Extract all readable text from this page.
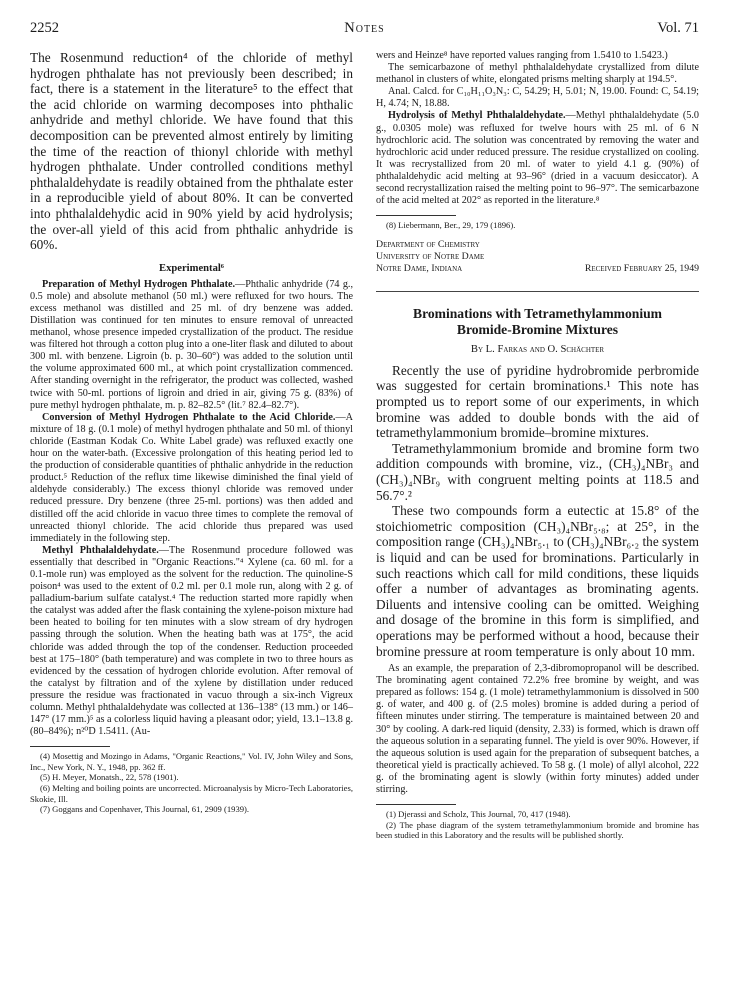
2252	Notes	Vol. 71

The Rosenmund reduction⁴ of the chloride of methyl hydrogen phthalate has not previously been described; in fact, there is a statement in the literature⁵ to the effect that the acid chloride on warming decomposes into phthalic anhydride and methyl chloride. We have found that this decomposition can be prevented almost entirely by limiting the time of the reaction of thionyl chloride with methyl hydrogen phthalate. Under controlled conditions methyl phthalaldehydate is readily obtained from the phthalate ester in a reproducible yield of about 80%. It can be converted into phthalaldehydic acid in 90% yield by acid hydrolysis; the over-all yield of this acid from phthalic anhydride is 60%.

Experimental⁶

Preparation of Methyl Hydrogen Phthalate.—Phthalic anhydride (74 g., 0.5 mole) and absolute methanol (50 ml.) were refluxed for two hours. The excess methanol was distilled and 25 ml. of dry benzene was added. Distillation was continued for ten minutes to ensure removal of unreacted methanol, whose presence impeded crystallization of the product. The residue was filtered hot through a cotton plug into a one-liter flask and diluted to about 300 ml. with benzene. Ligroin (b. p. 30–60°) was added to the solution until the volume approximated 600 ml., at which point crystallization commenced. After standing overnight in the refrigerator, the product was collected, washed twice with 50-ml. portions of ligroin and dried in air, giving 75 g. (83%) of pure methyl hydrogen phthalate, m. p. 82–82.5° (lit.⁷ 82.4–82.7°).

Conversion of Methyl Hydrogen Phthalate to the Acid Chloride.—A mixture of 18 g. (0.1 mole) of methyl hydrogen phthalate and 50 ml. of thionyl chloride (Eastman Kodak Co. White Label grade) was refluxed exactly one hour on the water-bath. (Excessive prolongation of this heating period led to the production of considerable quantities of phthalic anhydride in the reduction product.⁵ Reduction of the reflux time likewise diminished the final yield of aldehyde considerably.) The excess thionyl chloride was removed under reduced pressure. Dry benzene (three 25-ml. portions) was then added and distilled off the acid chloride in vacuo three times to complete the removal of unreacted thionyl chloride. The acid chloride thus prepared was used immediately in the following step.

Methyl Phthalaldehydate.—The Rosenmund procedure followed was essentially that described in "Organic Reactions."⁴ Xylene (ca. 60 ml. for a 0.1-mole run) was employed as the solvent for the reduction. The quinoline-S poison⁴ was used to the extent of 0.2 ml. per 0.1 mole run, along with 2 g. of palladium-barium sulfate catalyst.⁴ The reduction started more rapidly when the catalyst was added after the flask containing the xylene-poison mixture had been heated to boiling for ten minutes with a slow stream of dry hydrogen passing through the solution. When the heating bath was at 175°, the acid chloride was added through the top of the condenser. Reduction proceeded best at 175–180° (bath temperature) and was complete in two to three hours as evidenced by the cessation of hydrogen chloride evolution. After removal of the catalyst by filtration and of the xylene by distillation under reduced pressure the residue was fractionated in vacuo through a six-inch Vigreux column. Methyl phthalaldehydate was collected at 136–138° (13 mm.) or 146–147° (17 mm.)⁵ as a colorless liquid having a pleasant odor; yield, 13.1–13.8 g. (80–84%); n²⁰D 1.5411. (Au-

(4) Mosettig and Mozingo in Adams, "Organic Reactions," Vol. IV, John Wiley and Sons, Inc., New York, N. Y., 1948, pp. 362 ff.

(5) H. Meyer, Monatsh., 22, 578 (1901).

(6) Melting and boiling points are uncorrected. Microanalysis by Micro-Tech Laboratories, Skokie, Ill.

(7) Goggans and Copenhaver, This Journal, 61, 2909 (1939).

wers and Heinze⁸ have reported values ranging from 1.5410 to 1.5423.)

The semicarbazone of methyl phthalaldehydate crystallized from dilute methanol in clusters of white, elongated prisms melting sharply at 194.5°.

Anal. Calcd. for C₁₀H₁₁O₃N₃: C, 54.29; H, 5.01; N, 19.00. Found: C, 54.19; H, 4.74; N, 18.88.

Hydrolysis of Methyl Phthalaldehydate.—Methyl phthalaldehydate (5.0 g., 0.0305 mole) was refluxed for twelve hours with 25 ml. of 6 N hydrochloric acid. The solution was concentrated by removing the water and hydrochloric acid under reduced pressure. The residue crystallized on cooling. It was recrystallized from 20 ml. of water to yield 4.1 g. (90%) of phthalaldehydic acid melting at 93–96° (dried in a vacuum desiccator). A second recrystallization raised the melting point to 96–97°. The semicarbazone of the acid melted at 202° as reported in the literature.⁸

(8) Liebermann, Ber., 29, 179 (1896).

Department of Chemistry
University of Notre Dame
Notre Dame, Indiana	Received February 25, 1949
Brominations with Tetramethylammonium Bromide-Bromine Mixtures
By L. Farkas and O. Schächter

Recently the use of pyridine hydrobromide perbromide was suggested for certain brominations.¹ This note has prompted us to report some of our experiments, in which bromine was added to double bonds with the aid of tetramethylammonium bromide–bromine mixtures.

Tetramethylammonium bromide and bromine form two addition compounds with bromine, viz., (CH₃)₄NBr₃ and (CH₃)₄NBr₉ with congruent melting points at 118.5 and 56.7°.²

These two compounds form a eutectic at 15.8° of the stoichiometric composition (CH₃)₄NBr₅.₈; at 25°, in the composition range (CH₃)₄NBr₅.₁ to (CH₃)₄NBr₆.₂ the system is liquid and can be used for brominations. Particularly in such reactions which call for mild conditions, these liquids offer a number of advantages as brominating agents. Diluents and intensive cooling can be omitted. Weighing and dosage of the bromine in this form is simplified, and operations may be performed without a hood, because their bromine pressure at room temperature is only about 10 mm.

As an example, the preparation of 2,3-dibromopropanol will be described. The brominating agent contained 72.2% free bromine by weight, and was prepared as follows: 154 g. (1 mole) tetramethylammonium is dissolved in 500 g. of water, and 400 g. of (2.5 moles) bromine is added during a period of fifteen minutes under stirring. The temperature is maintained between 20 and 30° by cooling. A dark-red liquid (density, 2.33) is formed, which is drawn off the aqueous solution in a separating funnel. The yield is over 90%. However, if the aqueous solution is used again for the preparation of subsequent batches, a theoretical yield is practically achieved. To 58 g. (1 mole) of allyl alcohol, 222 g. of the brominating agent is slowly (within forty minutes) added under stirring.

(1) Djerassi and Scholz, This Journal, 70, 417 (1948).

(2) The phase diagram of the system tetramethylammonium bromide and bromine has been studied in this Laboratory and the results will be published shortly.
